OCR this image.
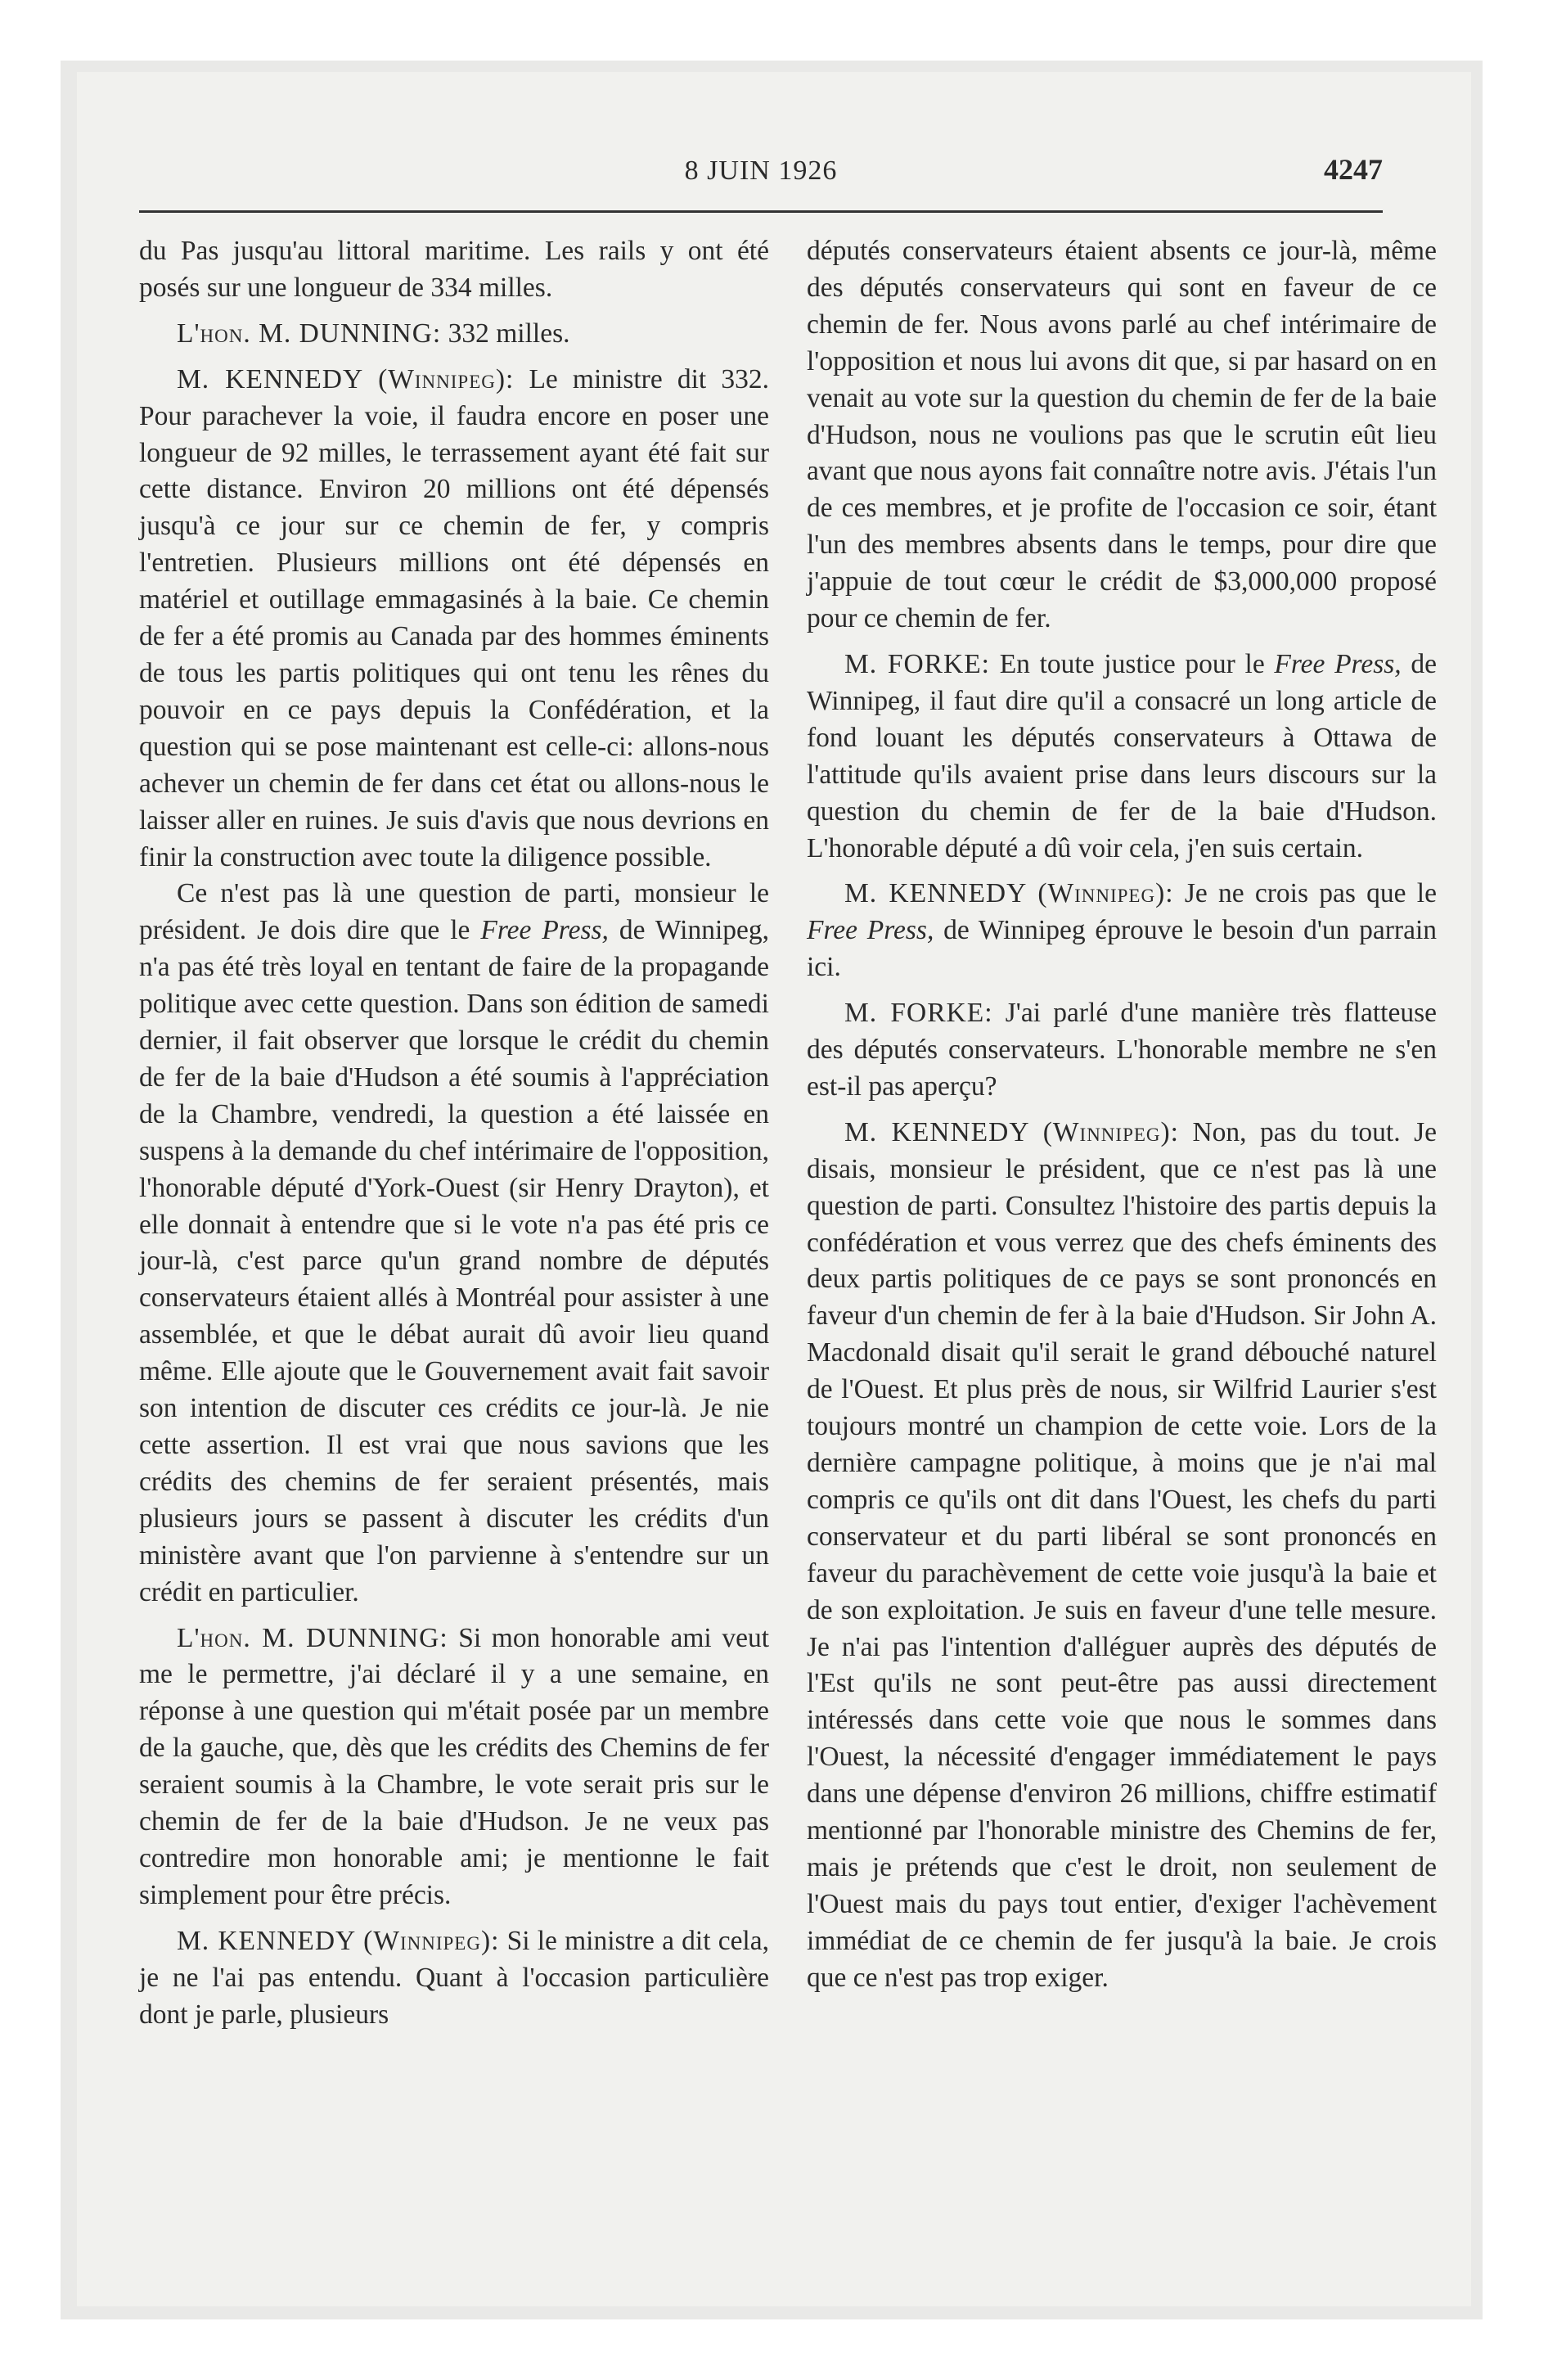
8 JUIN 1926	4247

du Pas jusqu'au littoral maritime. Les rails y ont été posés sur une longueur de 334 milles.

L'hon. M. DUNNING: 332 milles.

M. KENNEDY (Winnipeg): Le ministre dit 332. Pour parachever la voie, il faudra encore en poser une longueur de 92 milles, le terrassement ayant été fait sur cette distance. Environ 20 millions ont été dépensés jusqu'à ce jour sur ce chemin de fer, y compris l'entretien. Plusieurs millions ont été dépensés en matériel et outillage emmagasinés à la baie. Ce chemin de fer a été promis au Canada par des hommes éminents de tous les partis politiques qui ont tenu les rênes du pouvoir en ce pays depuis la Confédération, et la question qui se pose maintenant est celle-ci: allons-nous achever un chemin de fer dans cet état ou allons-nous le laisser aller en ruines. Je suis d'avis que nous devrions en finir la construction avec toute la diligence possible.

Ce n'est pas là une question de parti, monsieur le président. Je dois dire que le Free Press, de Winnipeg, n'a pas été très loyal en tentant de faire de la propagande politique avec cette question. Dans son édition de samedi dernier, il fait observer que lorsque le crédit du chemin de fer de la baie d'Hudson a été soumis à l'appréciation de la Chambre, vendredi, la question a été laissée en suspens à la demande du chef intérimaire de l'opposition, l'honorable député d'York-Ouest (sir Henry Drayton), et elle donnait à entendre que si le vote n'a pas été pris ce jour-là, c'est parce qu'un grand nombre de députés conservateurs étaient allés à Montréal pour assister à une assemblée, et que le débat aurait dû avoir lieu quand même. Elle ajoute que le Gouvernement avait fait savoir son intention de discuter ces crédits ce jour-là. Je nie cette assertion. Il est vrai que nous savions que les crédits des chemins de fer seraient présentés, mais plusieurs jours se passent à discuter les crédits d'un ministère avant que l'on parvienne à s'entendre sur un crédit en particulier.

L'hon. M. DUNNING: Si mon honorable ami veut me le permettre, j'ai déclaré il y a une semaine, en réponse à une question qui m'était posée par un membre de la gauche, que, dès que les crédits des Chemins de fer seraient soumis à la Chambre, le vote serait pris sur le chemin de fer de la baie d'Hudson. Je ne veux pas contredire mon honorable ami; je mentionne le fait simplement pour être précis.

M. KENNEDY (Winnipeg): Si le ministre a dit cela, je ne l'ai pas entendu. Quant à l'occasion particulière dont je parle, plusieurs

députés conservateurs étaient absents ce jour-là, même des députés conservateurs qui sont en faveur de ce chemin de fer. Nous avons parlé au chef intérimaire de l'opposition et nous lui avons dit que, si par hasard on en venait au vote sur la question du chemin de fer de la baie d'Hudson, nous ne voulions pas que le scrutin eût lieu avant que nous ayons fait connaître notre avis. J'étais l'un de ces membres, et je profite de l'occasion ce soir, étant l'un des membres absents dans le temps, pour dire que j'appuie de tout cœur le crédit de $3,000,000 proposé pour ce chemin de fer.

M. FORKE: En toute justice pour le Free Press, de Winnipeg, il faut dire qu'il a consacré un long article de fond louant les députés conservateurs à Ottawa de l'attitude qu'ils avaient prise dans leurs discours sur la question du chemin de fer de la baie d'Hudson. L'honorable député a dû voir cela, j'en suis certain.

M. KENNEDY (Winnipeg): Je ne crois pas que le Free Press, de Winnipeg éprouve le besoin d'un parrain ici.

M. FORKE: J'ai parlé d'une manière très flatteuse des députés conservateurs. L'honorable membre ne s'en est-il pas aperçu?

M. KENNEDY (Winnipeg): Non, pas du tout. Je disais, monsieur le président, que ce n'est pas là une question de parti. Consultez l'histoire des partis depuis la confédération et vous verrez que des chefs éminents des deux partis politiques de ce pays se sont prononcés en faveur d'un chemin de fer à la baie d'Hudson. Sir John A. Macdonald disait qu'il serait le grand débouché naturel de l'Ouest. Et plus près de nous, sir Wilfrid Laurier s'est toujours montré un champion de cette voie. Lors de la dernière campagne politique, à moins que je n'ai mal compris ce qu'ils ont dit dans l'Ouest, les chefs du parti conservateur et du parti libéral se sont prononcés en faveur du parachèvement de cette voie jusqu'à la baie et de son exploitation. Je suis en faveur d'une telle mesure. Je n'ai pas l'intention d'alléguer auprès des députés de l'Est qu'ils ne sont peut-être pas aussi directement intéressés dans cette voie que nous le sommes dans l'Ouest, la nécessité d'engager immédiatement le pays dans une dépense d'environ 26 millions, chiffre estimatif mentionné par l'honorable ministre des Chemins de fer, mais je prétends que c'est le droit, non seulement de l'Ouest mais du pays tout entier, d'exiger l'achèvement immédiat de ce chemin de fer jusqu'à la baie. Je crois que ce n'est pas trop exiger.
